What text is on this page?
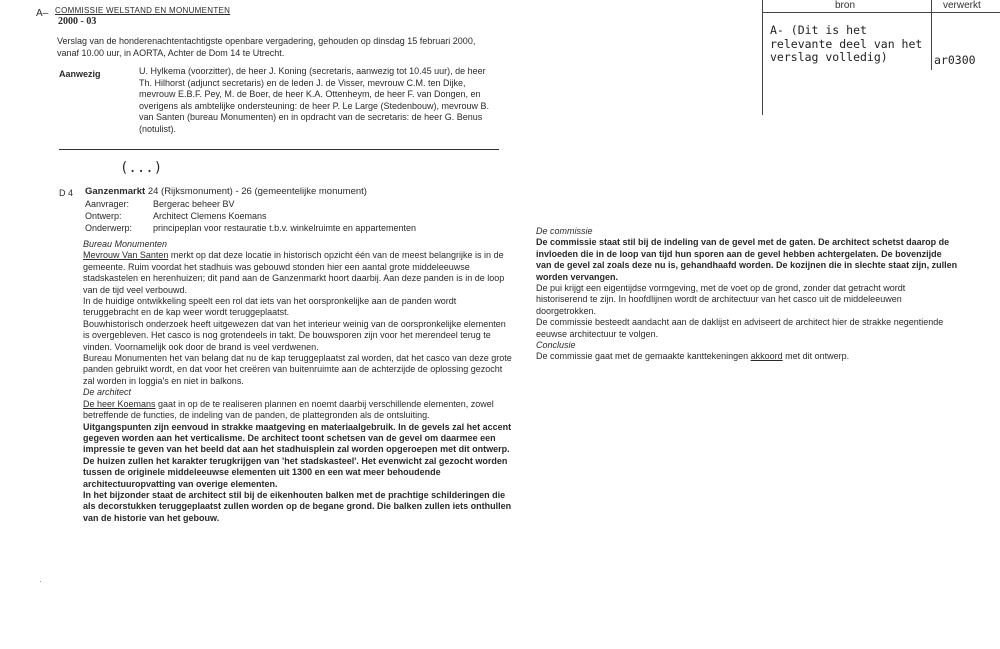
A– COMMISSIE WELSTAND EN MONUMENTEN
2000 - 03
Verslag van de honderenachtentachtigste openbare vergadering, gehouden op dinsdag 15 februari 2000, vanaf 10.00 uur, in AORTA, Achter de Dom 14 te Utrecht.
Aanwezig	U. Hylkema (voorzitter), de heer J. Koning (secretaris, aanwezig tot 10.45 uur), de heer Th. Hilhorst (adjunct secretaris) en de leden J. de Visser, mevrouw C.M. ten Dijke, mevrouw E.B.F. Pey, M. de Boer, de heer K.A. Ottenheym, de heer F. van Dongen, en overigens als ambtelijke ondersteuning: de heer P. Le Large (Stedenbouw), mevrouw B. van Santen (bureau Monumenten) en in opdracht van de secretaris: de heer G. Benus (notulist).
(...)
bron	verwerkt
A- (Dit is het relevante deel van het verslag volledig)	ar0300
D 4 Ganzenmarkt 24 (Rijksmonument) - 26 (gemeentelijke monument)
Aanvrager:	Bergerac beheer BV
Ontwerp:	Architect Clemens Koemans
Onderwerp: principeplan voor restauratie t.b.v. winkelruimte en appartementen

Bureau Monumenten

Mevrouw Van Santen merkt op dat deze locatie in historisch opzicht één van de meest belangrijke is in de gemeente. Ruim voordat het stadhuis was gebouwd stonden hier een aantal grote middeleeuwse stadskastelen en herenhuizen; dit pand aan de Ganzenmarkt hoort daarbij. Aan deze panden is in de loop van de tijd veel verbouwd.

In de huidige ontwikkeling speelt een rol dat iets van het oorspronkelijke aan de panden wordt teruggebracht en de kap weer wordt teruggeplaatst.

Bouwhistorisch onderzoek heeft uitgewezen dat van het interieur weinig van de oorspronkelijke elementen is overgebleven. Het casco is nog grotendeels in takt. De bouwsporen zijn voor het merendeel terug te vinden. Voornamelijk ook door de brand is veel verdwenen.

Bureau Monumenten het van belang dat nu de kap teruggeplaatst zal worden, dat het casco van deze grote panden gebruikt wordt, en dat voor het creëren van buitenruimte aan de achterzijde de oplossing gezocht zal worden in loggia's en niet in balkons.

De architect

De heer Koemans gaat in op de te realiseren plannen en noemt daarbij verschillende elementen, zowel betreffende de functies, de indeling van de panden, de plattegronden als de ontsluiting.

Uitgangspunten zijn eenvoud in strakke maatgeving en materiaalgebruik. In de gevels zal het accent gegeven worden aan het verticalisme. De architect toont schetsen van de gevel om daarmee een impressie te geven van het beeld dat aan het stadhuisplein zal worden opgeroepen met dit ontwerp. De huizen zullen het karakter terugkrijgen van 'het stadskasteel'. Het evenwicht zal gezocht worden tussen de originele middeleeuwse elementen uit 1300 en een wat meer behoudende architectuuropvatting van overige elementen.

In het bijzonder staat de architect stil bij de eikenhouten balken met de prachtige schilderingen die als decorstukken teruggeplaatst zullen worden op de begane grond. Die balken zullen iets onthullen van de historie van het gebouw.

De commissie

De commissie staat stil bij de indeling van de gevel met de gaten. De architect schetst daarop de invloeden die in de loop van tijd hun sporen aan de gevel hebben achtergelaten. De bovenzijde van de gevel zal zoals deze nu is, gehandhaafd worden. De kozijnen die in slechte staat zijn, zullen worden vervangen.

De pui krijgt een eigentijdse vormgeving, met de voet op de grond, zonder dat getracht wordt historiserend te zijn. In hoofdlijnen wordt de architectuur van het casco uit de middeleeuwen doorgetrokken.

De commissie besteedt aandacht aan de daklijst en adviseert de architect hier de strakke negentiende eeuwse architectuur te volgen.

Conclusie

De commissie gaat met de gemaakte kanttekeningen akkoord met dit ontwerp.

·
